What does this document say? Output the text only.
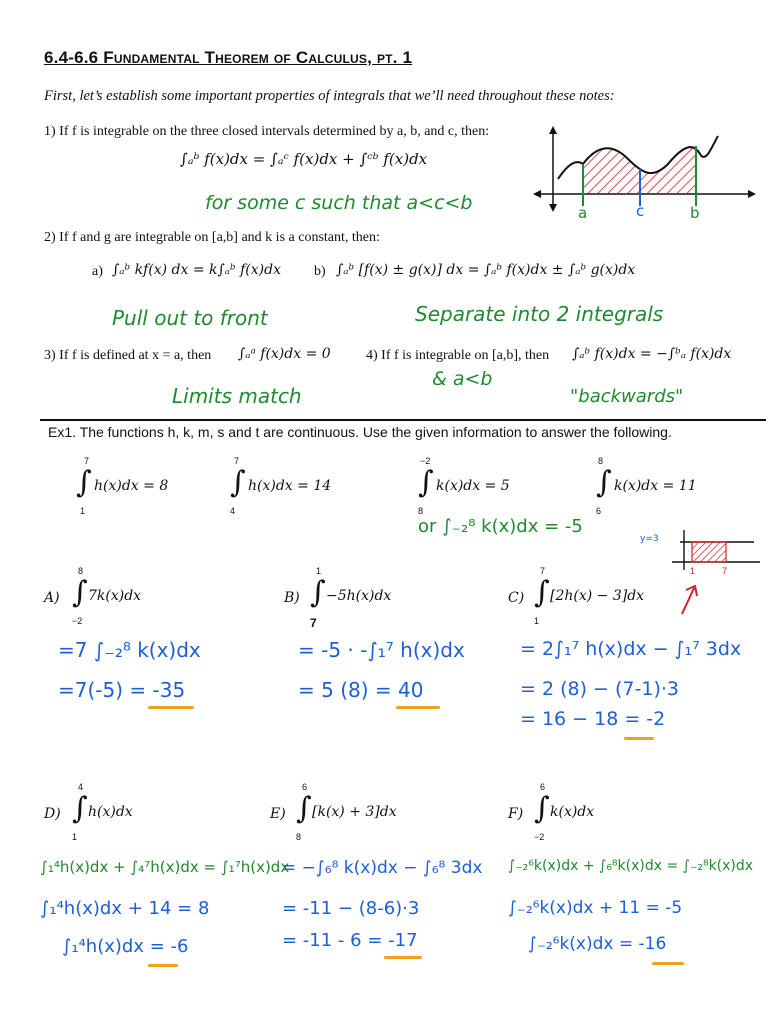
6.4-6.6 Fundamental Theorem of Calculus, pt. 1
First, let’s establish some important properties of integrals that we’ll need throughout these notes:
1) If f is integrable on the three closed intervals determined by a, b, and c, then:
∫ₐᵇ f(x)dx = ∫ₐᶜ f(x)dx + ∫ᶜᵇ f(x)dx
for some c such that a<c<b	a	c	b
2) If f and g are integrable on [a,b] and k is a constant, then:
a) ∫ₐᵇ kf(x) dx = k∫ₐᵇ f(x)dx b) ∫ₐᵇ [f(x) ± g(x)] dx = ∫ₐᵇ f(x)dx ± ∫ₐᵇ g(x)dx
Pull out to front	Separate into 2 integrals
3) If f is defined at x = a, then ∫ₐᵃ f(x)dx = 0
Limits match
4) If f is integrable on [a,b], then ∫ₐᵇ f(x)dx = −∫ᵇₐ f(x)dx
& a<b
"backwards"
Ex1. The functions h, k, m, s and t are continuous. Use the given information to answer the following.
7
∫
1
h(x)dx = 8
7
∫
4
h(x)dx = 14
−2
∫
8
k(x)dx = 5
8
∫
6
k(x)dx = 11
or ∫₋₂⁸ k(x)dx = -5
y=3
1	7
A)
8
∫
−2
7k(x)dx	B)
1
∫
7
−5h(x)dx	C)
7
∫
1
[2h(x) − 3]dx
=7 ∫₋₂⁸ k(x)dx
=7(-5) = -35
= -5 · -∫₁⁷ h(x)dx
= 5 (8) = 40
= 2∫₁⁷ h(x)dx − ∫₁⁷ 3dx
= 2 (8) − (7-1)·3
= 16 − 18 = -2
D)
4
∫
1
h(x)dx	E)
6
∫
8
[k(x) + 3]dx	F)
6
∫
−2
k(x)dx
∫₁⁴h(x)dx + ∫₄⁷h(x)dx = ∫₁⁷h(x)dx
∫₁⁴h(x)dx + 14 = 8
∫₁⁴h(x)dx = -6
= −∫₆⁸ k(x)dx − ∫₆⁸ 3dx
= -11 − (8-6)·3
= -11 - 6 = -17
∫₋₂⁶k(x)dx + ∫₆⁸k(x)dx = ∫₋₂⁸k(x)dx
∫₋₂⁶k(x)dx + 11 = -5
∫₋₂⁶k(x)dx = -16
